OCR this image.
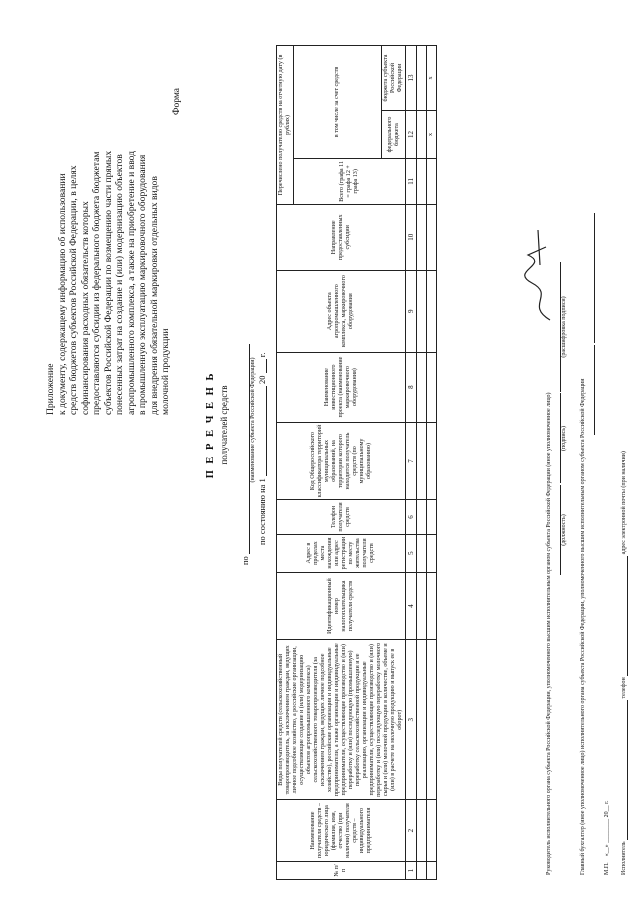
Приложение к документу, содержащему информацию об использовании средств бюджетов субъектов Российской Федерации, в целях софинансирования расходных обязательств которых предоставляются субсидии из федерального бюджета бюджетам субъектов Российской Федерации по возмещению части прямых понесенных затрат на создание и (или) модернизацию объектов агропромышленного комплекса, а также на приобретение и ввод в промышленную эксплуатацию маркировочного оборудования для внедрения обязательной маркировки отдельных видов молочной продукции
Форма
П Е Р Е Ч Е Н Ь получателей средств
по
(наименование субъекта Российской Федерации)
по состоянию на 1  20  г.
№ п/п	Наименование получателя средств – юридического лица (фамилия, имя, отчество (при наличии) получателя средств – индивидуального предпринимателя	Виды получателей средств (сельскохозяйственный товаропроизводитель, за исключением граждан, ведущих личное подсобное хозяйство, а российские организации, осуществляющие создание и (или) модернизацию объектов агропромышленного комплекса) сельскохозяйственного товаропроизводителя (за исключением граждан, ведущих личное подсобное хозяйство), российские организации и индивидуальные предприниматели, а также организации и индивидуальные предприниматели, осуществляющие производство и (или) переработку и (или) последующую (промышленную) переработку сельскохозяйственной продукции и ее реализацию, организации и индивидуальные предприниматели, осуществляющие производство и (или) переработку и (или) последующую переработку молочного сырья и (или) молочной продукции в количестве, объеме и (или) в расчете на молочную продукцию и выпуск ее в оборот)	Идентификационный номер налогоплательщика получателя средств	Адрес в пределах места нахождения или адрес регистрации по месту жительства получателя средств	Телефон получателя средств	Код Общероссийского классификатора территорий муниципальных образований, на территории которого находится получатель средств (по муниципальному образованию)	Наименование инвестиционного проекта (наименование маркировочного оборудования)	Адрес объекта агропромышленного комплекса, маркировочного оборудования	Направление предоставленных субсидии	Перечислено получателю средств на отчетную дату (в рублях)		
										Всего (графа 11 = графа 12 + графа 13)	в том числе за счет средств	
											федерального бюджета	бюджета субъекта Российской Федерации
1	2	3	4	5	6	7	8	9	10	11	12	13

											х	х
Руководитель исполнительного органа субъекта Российской Федерации, уполномоченного высшим исполнительным органом субъекта Российской Федерации (иное уполномоченное лицо)
(должность) (подпись) (расшифровка подписи)
Главный бухгалтер (иное уполномоченное лицо) исполнительного органа субъекта Российской Федерации, уполномоченного высшим исполнительным органом субъекта Российской Федерации
	М.П.    «__» ________ 20__ г.
Исполнитель  телефон  адрес электронной почты (при наличии)
